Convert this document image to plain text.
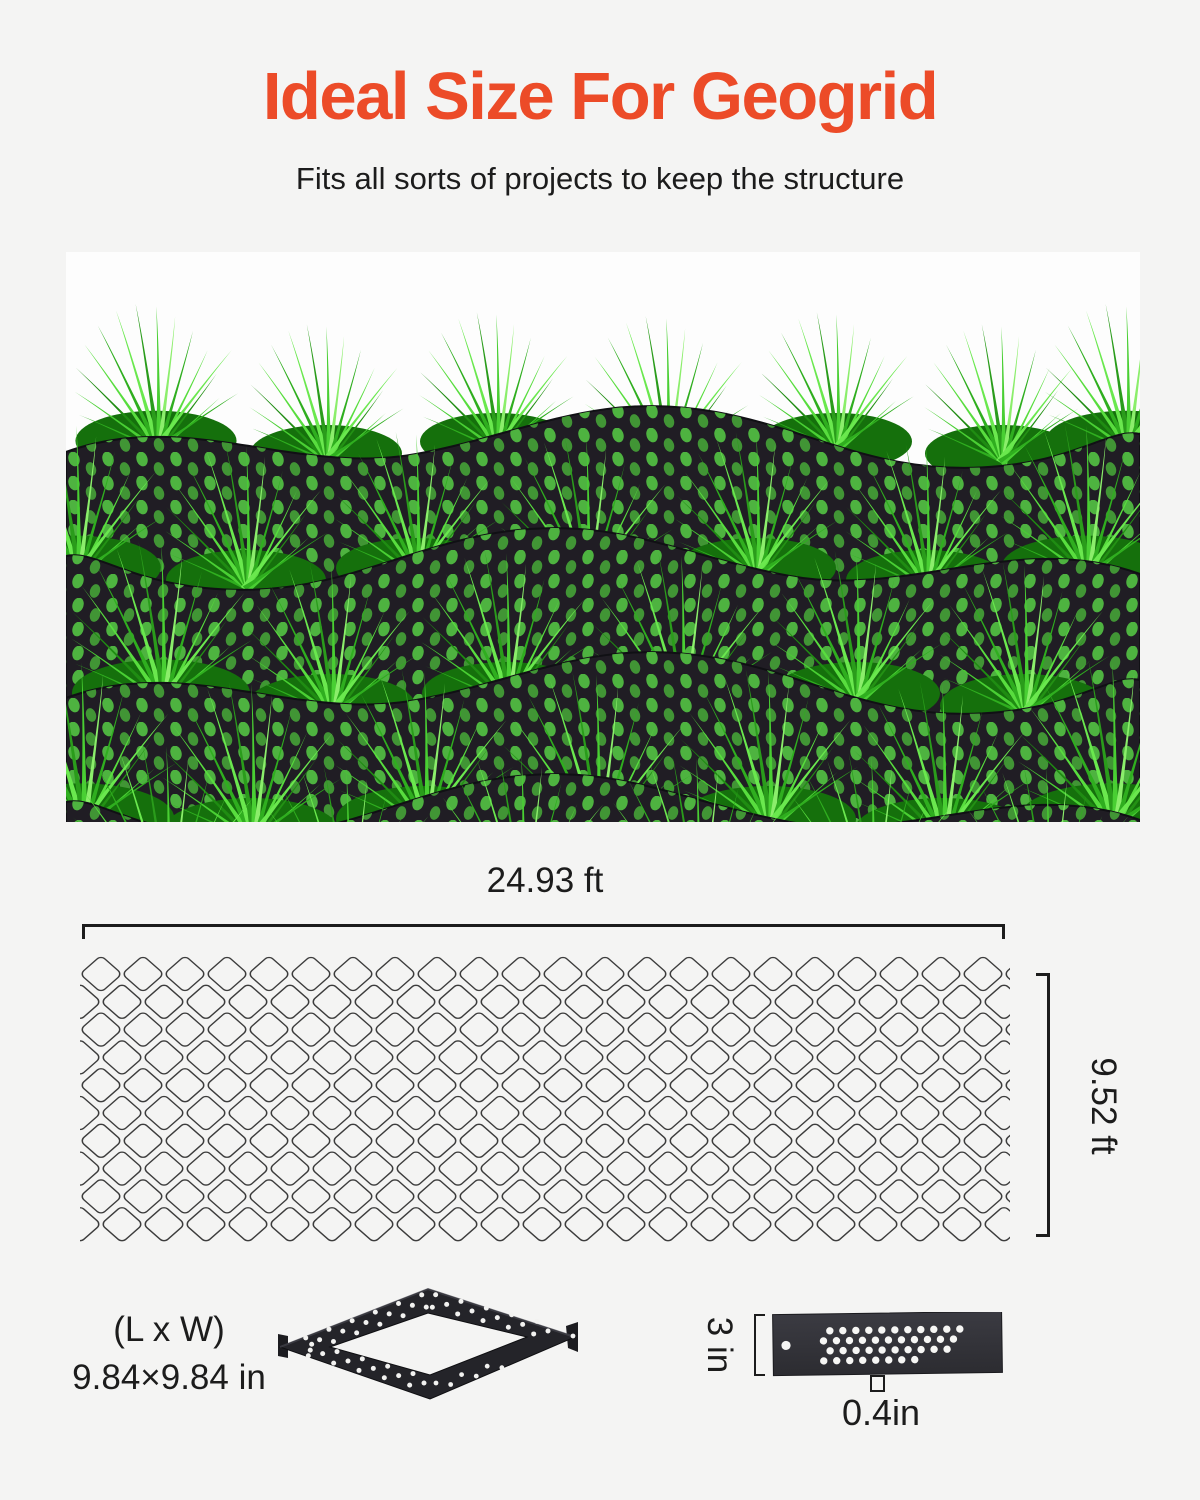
Ideal Size For Geogrid
Fits all sorts of projects to keep the structure
24.93 ft
9.52 ft
(L x W)
9.84×9.84 in
3 in
0.4in
